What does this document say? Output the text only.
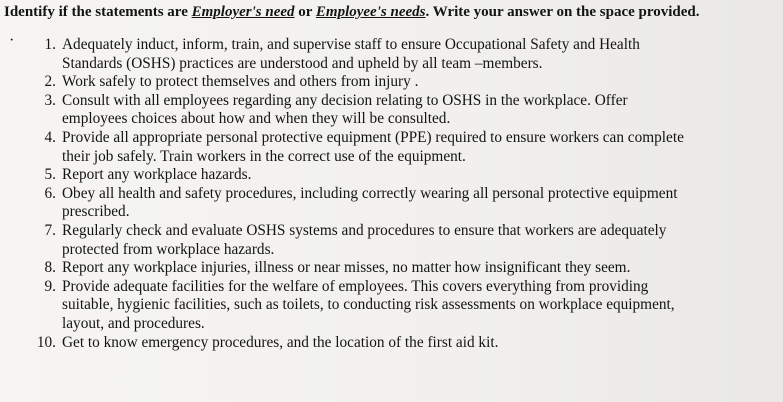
Identify if the statements are Employer's need or Employee's needs. Write your answer on the space provided.
·	1. Adequately induct, inform, train, and supervise staff to ensure Occupational Safety and Health
Standards (OSHS) practices are understood and upheld by all team –members.
2. Work safely to protect themselves and others from injury .
3. Consult with all employees regarding any decision relating to OSHS in the workplace. Offer
employees choices about how and when they will be consulted.
4. Provide all appropriate personal protective equipment (PPE) required to ensure workers can complete
their job safely. Train workers in the correct use of the equipment.
5. Report any workplace hazards.
6. Obey all health and safety procedures, including correctly wearing all personal protective equipment
prescribed.
7. Regularly check and evaluate OSHS systems and procedures to ensure that workers are adequately
protected from workplace hazards.
8. Report any workplace injuries, illness or near misses, no matter how insignificant they seem.
9. Provide adequate facilities for the welfare of employees. This covers everything from providing
suitable, hygienic facilities, such as toilets, to conducting risk assessments on workplace equipment,
layout, and procedures.
10. Get to know emergency procedures, and the location of the first aid kit.
